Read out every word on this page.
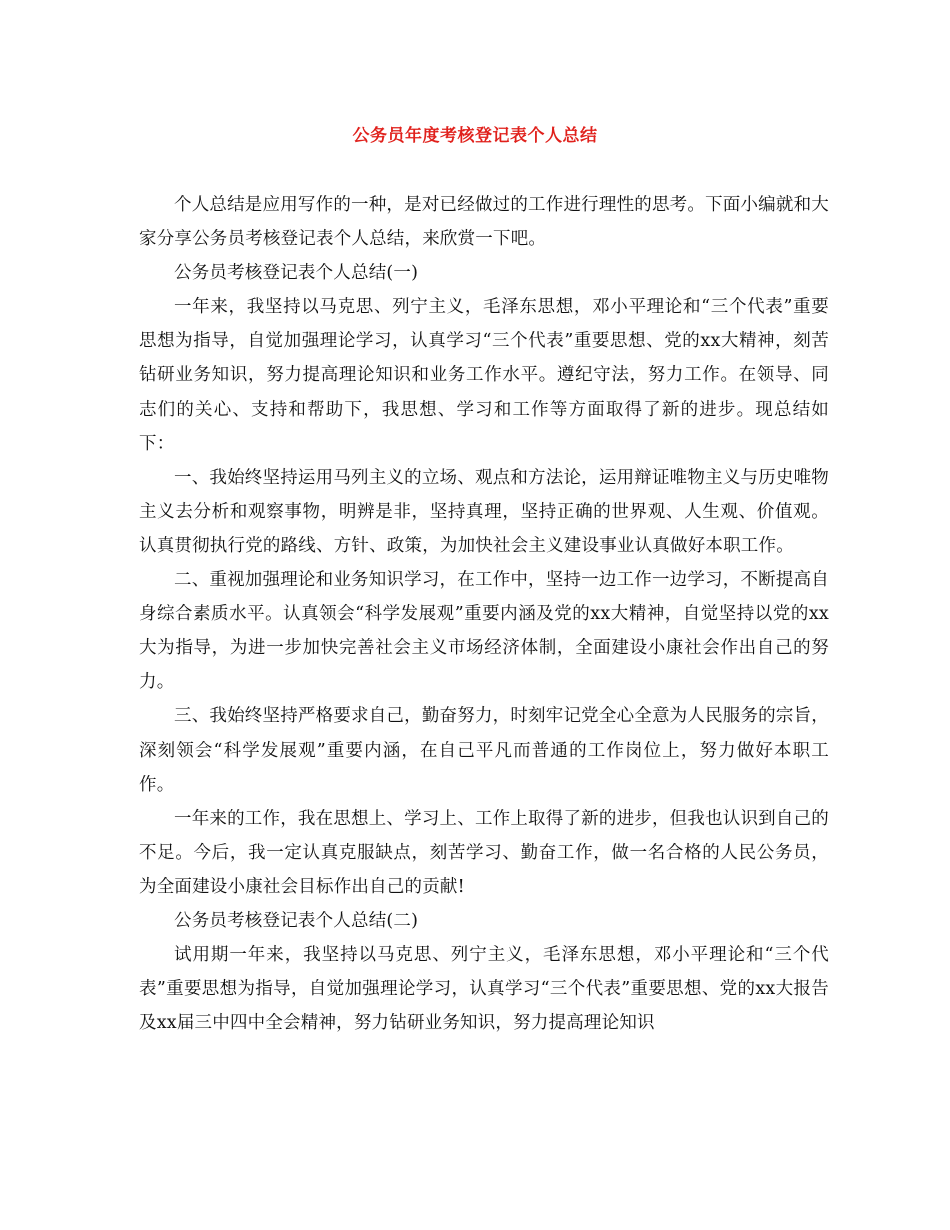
公务员年度考核登记表个人总结

个人总结是应用写作的一种，是对已经做过的工作进行理性的思考。下面小编就和大家分享公务员考核登记表个人总结，来欣赏一下吧。

公务员考核登记表个人总结(一)

一年来，我坚持以马克思、列宁主义，毛泽东思想，邓小平理论和“三个代表”重要思想为指导，自觉加强理论学习，认真学习“三个代表”重要思想、党的xx大精神，刻苦钻研业务知识，努力提高理论知识和业务工作水平。遵纪守法，努力工作。在领导、同志们的关心、支持和帮助下，我思想、学习和工作等方面取得了新的进步。现总结如下：

一、我始终坚持运用马列主义的立场、观点和方法论，运用辩证唯物主义与历史唯物主义去分析和观察事物，明辨是非，坚持真理，坚持正确的世界观、人生观、价值观。认真贯彻执行党的路线、方针、政策，为加快社会主义建设事业认真做好本职工作。

二、重视加强理论和业务知识学习，在工作中，坚持一边工作一边学习，不断提高自身综合素质水平。认真领会“科学发展观”重要内涵及党的xx大精神，自觉坚持以党的xx大为指导，为进一步加快完善社会主义市场经济体制，全面建设小康社会作出自己的努力。

三、我始终坚持严格要求自己，勤奋努力，时刻牢记党全心全意为人民服务的宗旨，深刻领会“科学发展观”重要内涵，在自己平凡而普通的工作岗位上，努力做好本职工作。

一年来的工作，我在思想上、学习上、工作上取得了新的进步，但我也认识到自己的不足。今后，我一定认真克服缺点，刻苦学习、勤奋工作，做一名合格的人民公务员，为全面建设小康社会目标作出自己的贡献!

公务员考核登记表个人总结(二)

试用期一年来，我坚持以马克思、列宁主义，毛泽东思想，邓小平理论和“三个代表”重要思想为指导，自觉加强理论学习，认真学习“三个代表”重要思想、党的xx大报告及xx届三中四中全会精神，努力钻研业务知识，努力提高理论知识
